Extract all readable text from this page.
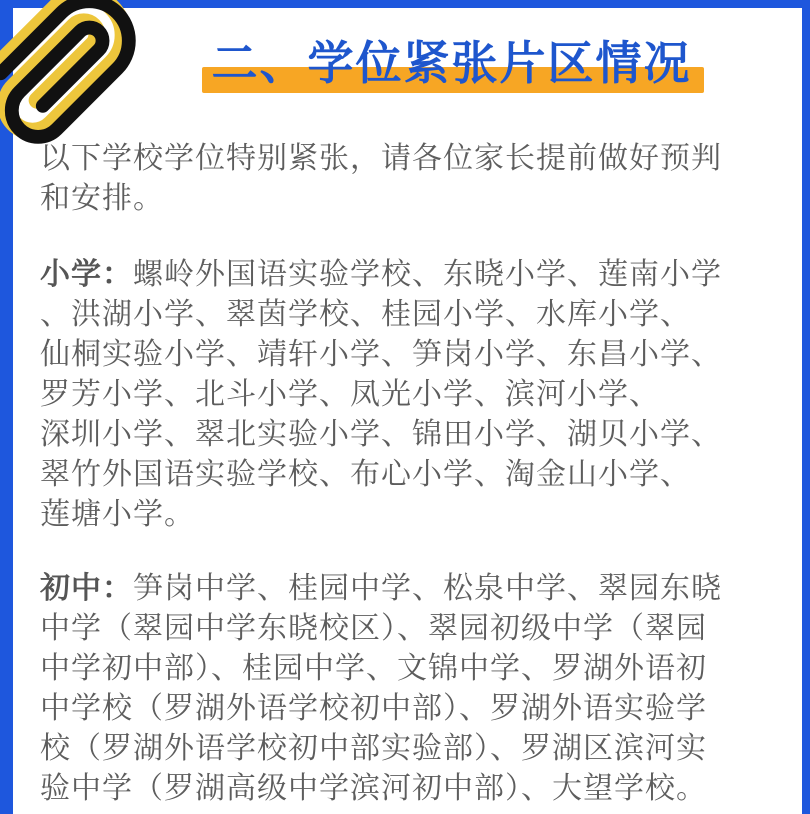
二、学位紧张片区情况
以下学校学位特别紧张，请各位家长提前做好预判
和安排。
小学：螺岭外国语实验学校、东晓小学、莲南小学
、洪湖小学、翠茵学校、桂园小学、水库小学、
仙桐实验小学、靖轩小学、笋岗小学、东昌小学、
罗芳小学、北斗小学、凤光小学、滨河小学、
深圳小学、翠北实验小学、锦田小学、湖贝小学、
翠竹外国语实验学校、布心小学、淘金山小学、
莲塘小学。
初中：笋岗中学、桂园中学、松泉中学、翠园东晓
中学（翠园中学东晓校区）、翠园初级中学（翠园
中学初中部）、桂园中学、文锦中学、罗湖外语初
中学校（罗湖外语学校初中部）、罗湖外语实验学
校（罗湖外语学校初中部实验部）、罗湖区滨河实
验中学（罗湖高级中学滨河初中部）、大望学校。
